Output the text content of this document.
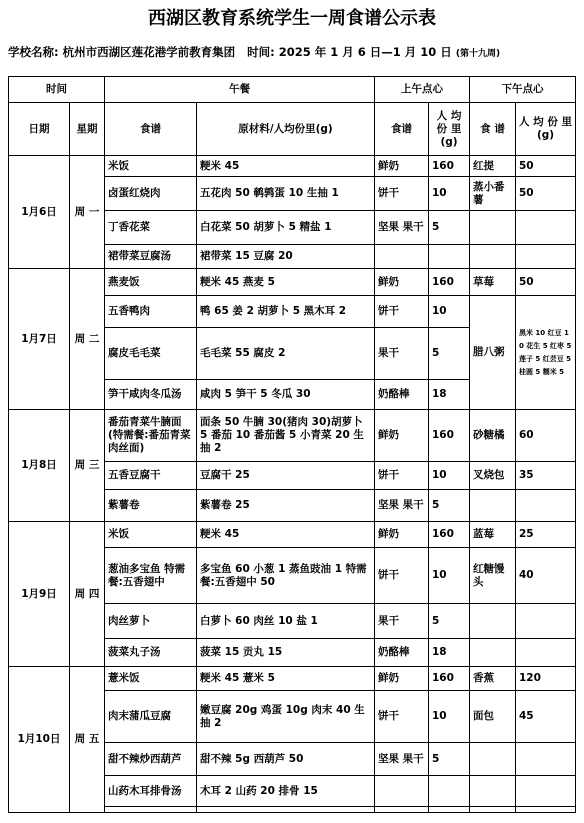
西湖区教育系统学生一周食谱公示表
学校名称: 杭州市西湖区莲花港学前教育集团 时间: 2025 年 1 月 6 日—1 月 10 日 (第十九周)
时间		午餐		上午点心		下午点心	
日期	星期	食谱	原材料/人均份里(g)	食谱	人 均份 里(g)	食 谱	人 均 份 里(g)
1月6日	周 一	米饭	粳米 45	鲜奶	160	红提	50
		卤蛋红烧肉	五花肉 50 鹌鹑蛋 10 生抽 1	饼干	10	蒸小番薯	50
		丁香花菜	白花菜 50 胡萝卜 5 精盐 1	坚果 果干	5		
		裙带菜豆腐汤	裙带菜 15 豆腐 20				
1月7日	周 二	燕麦饭	粳米 45 燕麦 5	鲜奶	160	草莓	50
		五香鸭肉	鸭 65 姜 2 胡萝卜 5 黑木耳 2	饼干	10	腊八粥	黑米 10 红豆 10 花生 5 红枣 5 莲子 5 红芸豆 5 桂圆 5 糯米 5
		腐皮毛毛菜	毛毛菜 55 腐皮 2	果干	5		
		笋干咸肉冬瓜汤	咸肉 5 笋干 5 冬瓜 30	奶酪棒	18		
1月8日	周 三	番茄青菜牛腩面(特需餐:番茄青菜肉丝面)	面条 50 牛腩 30(猪肉 30)胡萝卜 5 番茄 10 番茄酱 5 小青菜 20 生抽 2	鲜奶	160	砂糖橘	60
		五香豆腐干	豆腐干 25	饼干	10	叉烧包	35
		紫薯卷	紫薯卷 25	坚果 果干	5		
1月9日	周 四	米饭	粳米 45	鲜奶	160	蓝莓	25
		葱油多宝鱼 特需餐:五香翅中	多宝鱼 60 小葱 1 蒸鱼豉油 1 特需餐:五香翅中 50	饼干	10	红糖馒头	40
		肉丝萝卜	白萝卜 60 肉丝 10 盐 1	果干	5		
		菠菜丸子汤	菠菜 15 贡丸 15	奶酪棒	18		
1月10日	周 五	薏米饭	粳米 45 薏米 5	鲜奶	160	香蕉	120
		肉末蒲瓜豆腐	嫩豆腐 20g 鸡蛋 10g 肉末 40 生抽 2	饼干	10	面包	45
		甜不辣炒西葫芦	甜不辣 5g 西葫芦 50	坚果 果干	5		
		山药木耳排骨汤	木耳 2 山药 20 排骨 15				
